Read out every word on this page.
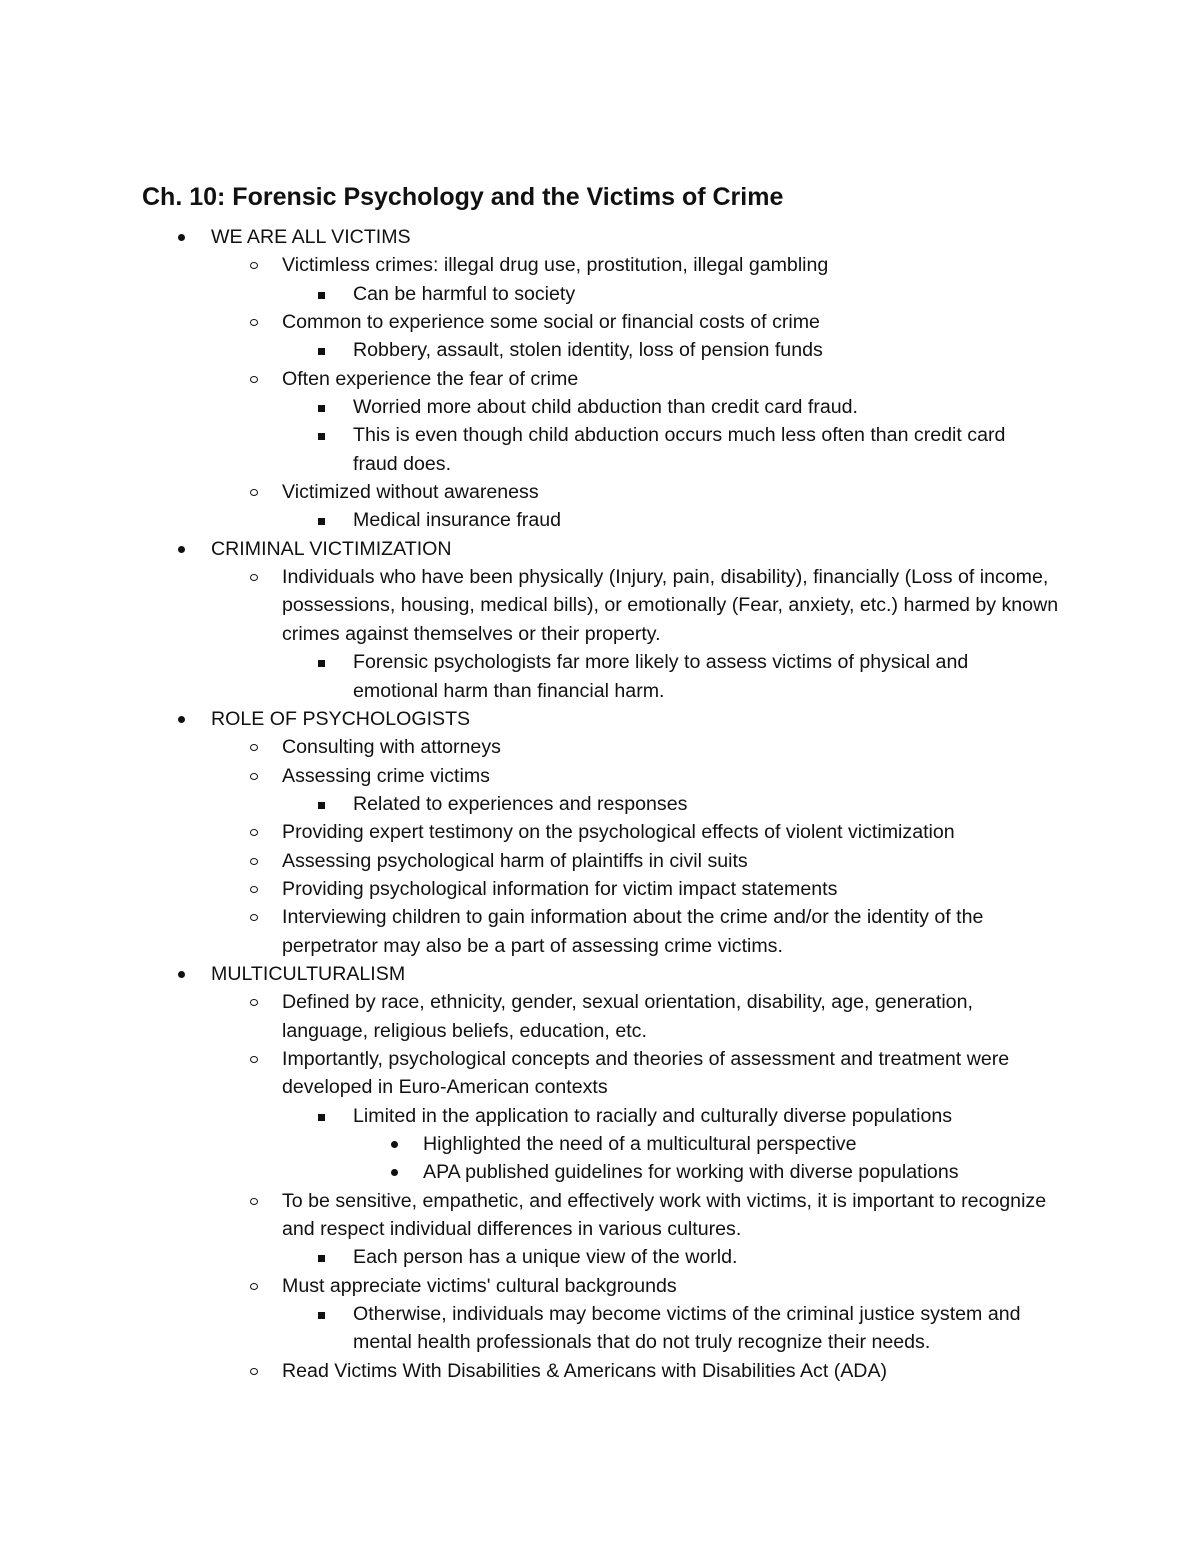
Ch. 10: Forensic Psychology and the Victims of Crime
WE ARE ALL VICTIMS
Victimless crimes: illegal drug use, prostitution, illegal gambling
Can be harmful to society
Common to experience some social or financial costs of crime
Robbery, assault, stolen identity, loss of pension funds
Often experience the fear of crime
Worried more about child abduction than credit card fraud.
This is even though child abduction occurs much less often than credit card fraud does.
Victimized without awareness
Medical insurance fraud
CRIMINAL VICTIMIZATION
Individuals who have been physically (Injury, pain, disability), financially (Loss of income, possessions, housing, medical bills), or emotionally (Fear, anxiety, etc.) harmed by known crimes against themselves or their property.
Forensic psychologists far more likely to assess victims of physical and emotional harm than financial harm.
ROLE OF PSYCHOLOGISTS
Consulting with attorneys
Assessing crime victims
Related to experiences and responses
Providing expert testimony on the psychological effects of violent victimization
Assessing psychological harm of plaintiffs in civil suits
Providing psychological information for victim impact statements
Interviewing children to gain information about the crime and/or the identity of the perpetrator may also be a part of assessing crime victims.
MULTICULTURALISM
Defined by race, ethnicity, gender, sexual orientation, disability, age, generation, language, religious beliefs, education, etc.
Importantly, psychological concepts and theories of assessment and treatment were developed in Euro-American contexts
Limited in the application to racially and culturally diverse populations
Highlighted the need of a multicultural perspective
APA published guidelines for working with diverse populations
To be sensitive, empathetic, and effectively work with victims, it is important to recognize and respect individual differences in various cultures.
Each person has a unique view of the world.
Must appreciate victims' cultural backgrounds
Otherwise, individuals may become victims of the criminal justice system and mental health professionals that do not truly recognize their needs.
Read Victims With Disabilities & Americans with Disabilities Act (ADA)
